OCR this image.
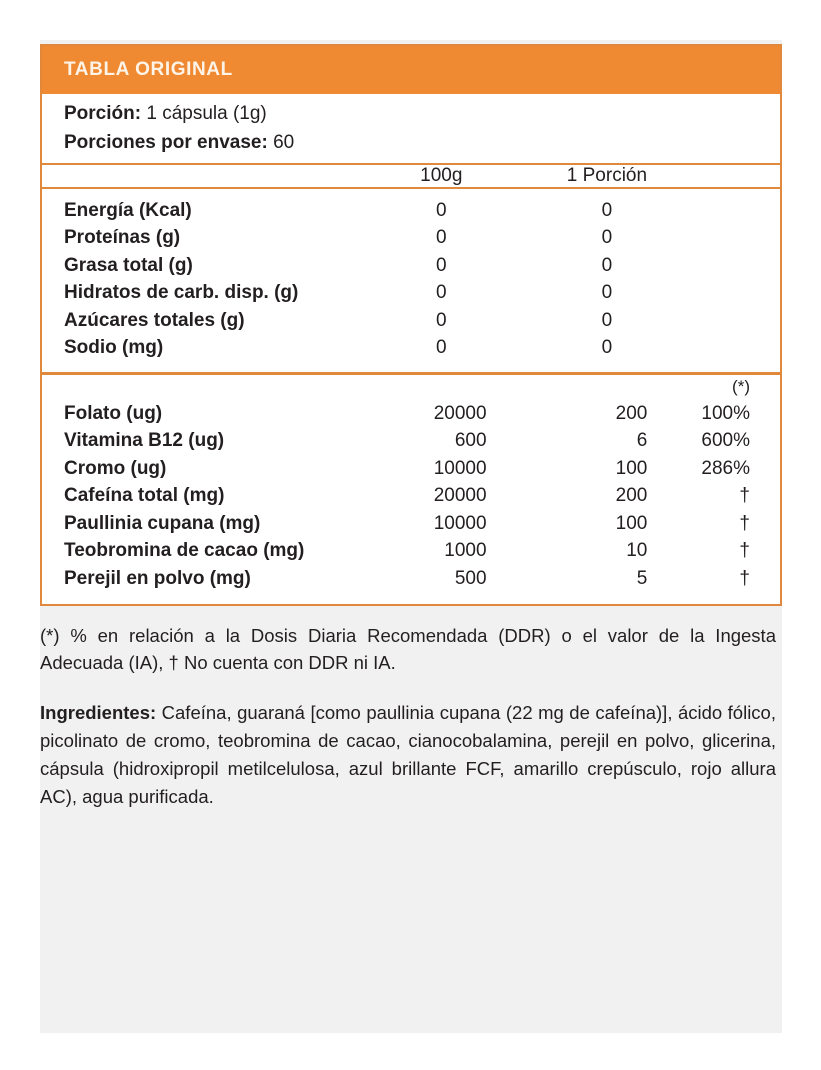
TABLA ORIGINAL
Porción: 1 cápsula (1g)
Porciones por envase: 60
	100g	1 Porción	
Energía (Kcal)	0	0	
Proteínas (g)	0	0	
Grasa total (g)	0	0	
Hidratos de carb. disp. (g)	0	0	
Azúcares totales (g)	0	0	
Sodio (mg)	0	0	
			(*)
Folato (ug)	20000	200	100%
Vitamina B12 (ug)	600	6	600%
Cromo (ug)	10000	100	286%
Cafeína total (mg)	20000	200	†
Paullinia cupana (mg)	10000	100	†
Teobromina de cacao (mg)	1000	10	†
Perejil en polvo (mg)	500	5	†
(*) % en relación a la Dosis Diaria Recomendada (DDR) o el valor de la Ingesta Adecuada (IA), † No cuenta con DDR ni IA.
Ingredientes: Cafeína, guaraná [como paullinia cupana (22 mg de cafeína)], ácido fólico, picolinato de cromo, teobromina de cacao, cianocobalamina, perejil en polvo, glicerina, cápsula (hidroxipropil metilcelulosa, azul brillante FCF, amarillo crepúsculo, rojo allura AC), agua purificada.
